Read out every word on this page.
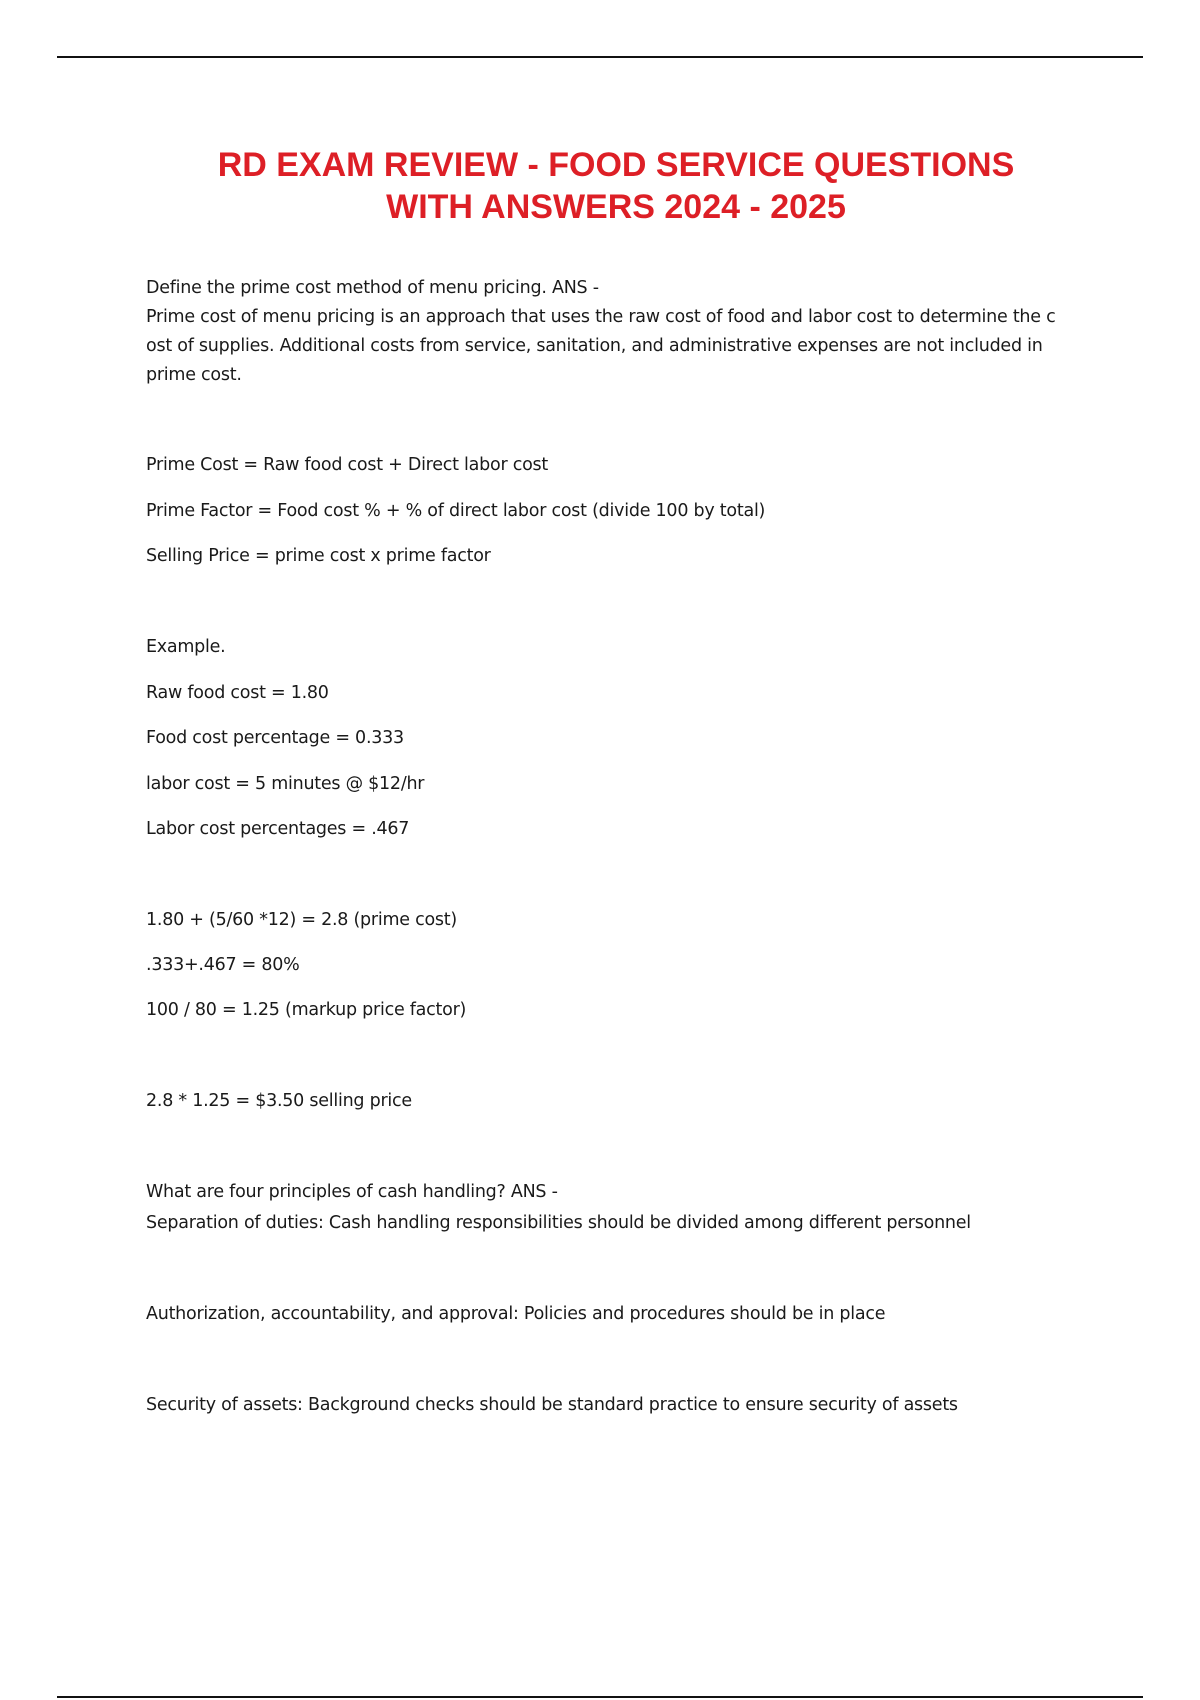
RD EXAM REVIEW - FOOD SERVICE QUESTIONS
WITH ANSWERS 2024 - 2025
Define the prime cost method of menu pricing. ANS -
Prime cost of menu pricing is an approach that uses the raw cost of food and labor cost to determine the c
ost of supplies. Additional costs from service, sanitation, and administrative expenses are not included in
prime cost.
Prime Cost = Raw food cost + Direct labor cost
Prime Factor = Food cost % + % of direct labor cost (divide 100 by total)
Selling Price = prime cost x prime factor
Example.
Raw food cost = 1.80
Food cost percentage = 0.333
labor cost = 5 minutes @ $12/hr
Labor cost percentages = .467
1.80 + (5/60 *12) = 2.8 (prime cost)
.333+.467 = 80%
100 / 80 = 1.25 (markup price factor)
2.8 * 1.25 = $3.50 selling price
What are four principles of cash handling? ANS -
Separation of duties: Cash handling responsibilities should be divided among different personnel
Authorization, accountability, and approval: Policies and procedures should be in place
Security of assets: Background checks should be standard practice to ensure security of assets
